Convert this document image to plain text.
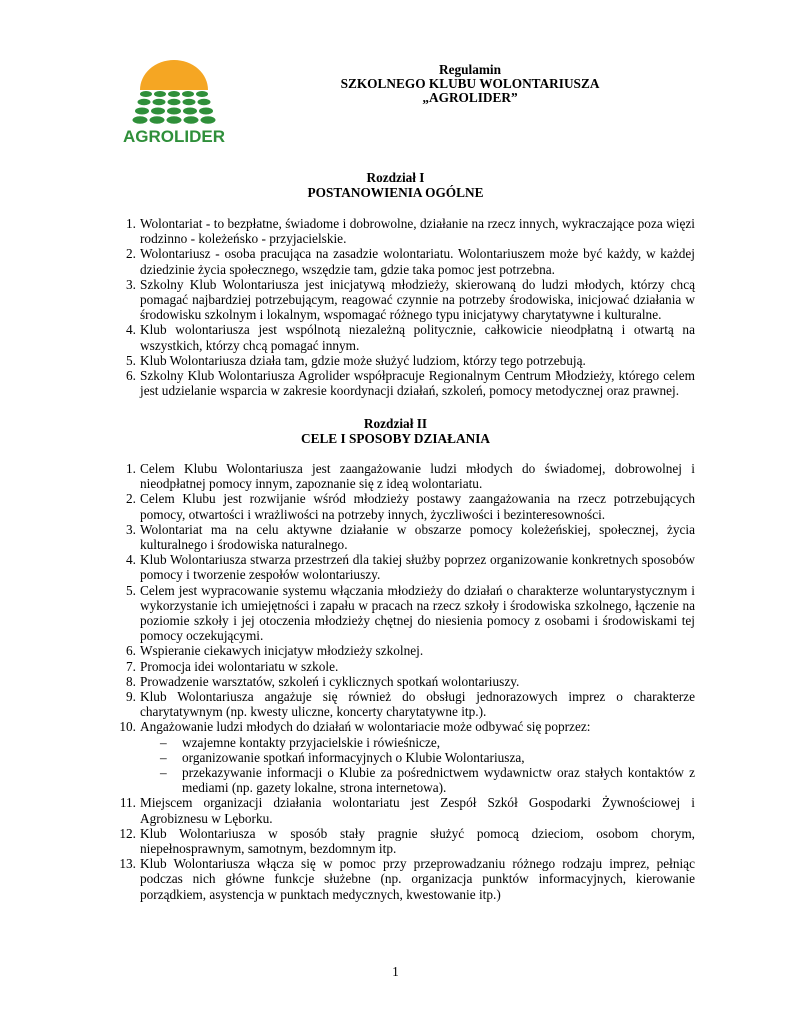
AGROLIDER
Regulamin
SZKOLNEGO KLUBU WOLONTARIUSZA
„AGROLIDER”
Rozdział I
POSTANOWIENIA OGÓLNE
1. Wolontariat - to bezpłatne, świadome i dobrowolne, działanie na rzecz innych, wykraczające poza więzi rodzinno - koleżeńsko - przyjacielskie.
2. Wolontariusz - osoba pracująca na zasadzie wolontariatu. Wolontariuszem może być każdy, w każdej dziedzinie życia społecznego, wszędzie tam, gdzie taka pomoc jest potrzebna.
3. Szkolny Klub Wolontariusza jest inicjatywą młodzieży, skierowaną do ludzi młodych, którzy chcą pomagać najbardziej potrzebującym, reagować czynnie na potrzeby środowiska, inicjować działania w środowisku szkolnym i lokalnym, wspomagać różnego typu inicjatywy charytatywne i kulturalne.
4. Klub wolontariusza jest wspólnotą niezależną politycznie, całkowicie nieodpłatną i otwartą na wszystkich, którzy chcą pomagać innym.
5. Klub Wolontariusza działa tam, gdzie może służyć ludziom, którzy tego potrzebują.
6. Szkolny Klub Wolontariusza Agrolider współpracuje Regionalnym Centrum Młodzieży, którego celem jest udzielanie wsparcia w zakresie koordynacji działań, szkoleń, pomocy metodycznej oraz prawnej.
Rozdział II
CELE I SPOSOBY DZIAŁANIA
1. Celem Klubu Wolontariusza jest zaangażowanie ludzi młodych do świadomej, dobrowolnej i nieodpłatnej pomocy innym, zapoznanie się z ideą wolontariatu.
2. Celem Klubu jest rozwijanie wśród młodzieży postawy zaangażowania na rzecz potrzebujących pomocy, otwartości i wrażliwości na potrzeby innych, życzliwości i bezinteresowności.
3. Wolontariat ma na celu aktywne działanie w obszarze pomocy koleżeńskiej, społecznej, życia kulturalnego i środowiska naturalnego.
4. Klub Wolontariusza stwarza przestrzeń dla takiej służby poprzez organizowanie konkretnych sposobów pomocy i tworzenie zespołów wolontariuszy.
5. Celem jest wypracowanie systemu włączania młodzieży do działań o charakterze woluntarystycznym i wykorzystanie ich umiejętności i zapału w pracach na rzecz szkoły i środowiska szkolnego, łączenie na poziomie szkoły i jej otoczenia młodzieży chętnej do niesienia pomocy z osobami i środowiskami tej pomocy oczekującymi.
6. Wspieranie ciekawych inicjatyw młodzieży szkolnej.
7. Promocja idei wolontariatu w szkole.
8. Prowadzenie warsztatów, szkoleń i cyklicznych spotkań wolontariuszy.
9. Klub Wolontariusza angażuje się również do obsługi jednorazowych imprez o charakterze charytatywnym (np. kwesty uliczne, koncerty charytatywne itp.).
10. Angażowanie ludzi młodych do działań w wolontariacie może odbywać się poprzez:
– wzajemne kontakty przyjacielskie i rówieśnicze,
– organizowanie spotkań informacyjnych o Klubie Wolontariusza,
– przekazywanie informacji o Klubie za pośrednictwem wydawnictw oraz stałych kontaktów z mediami (np. gazety lokalne, strona internetowa).
11. Miejscem organizacji działania wolontariatu jest Zespół Szkół Gospodarki Żywnościowej i Agrobiznesu w Lęborku.
12. Klub Wolontariusza w sposób stały pragnie służyć pomocą dzieciom, osobom chorym, niepełnosprawnym, samotnym, bezdomnym itp.
13. Klub Wolontariusza włącza się w pomoc przy przeprowadzaniu różnego rodzaju imprez, pełniąc podczas nich główne funkcje służebne (np. organizacja punktów informacyjnych, kierowanie porządkiem, asystencja w punktach medycznych, kwestowanie itp.)
1
